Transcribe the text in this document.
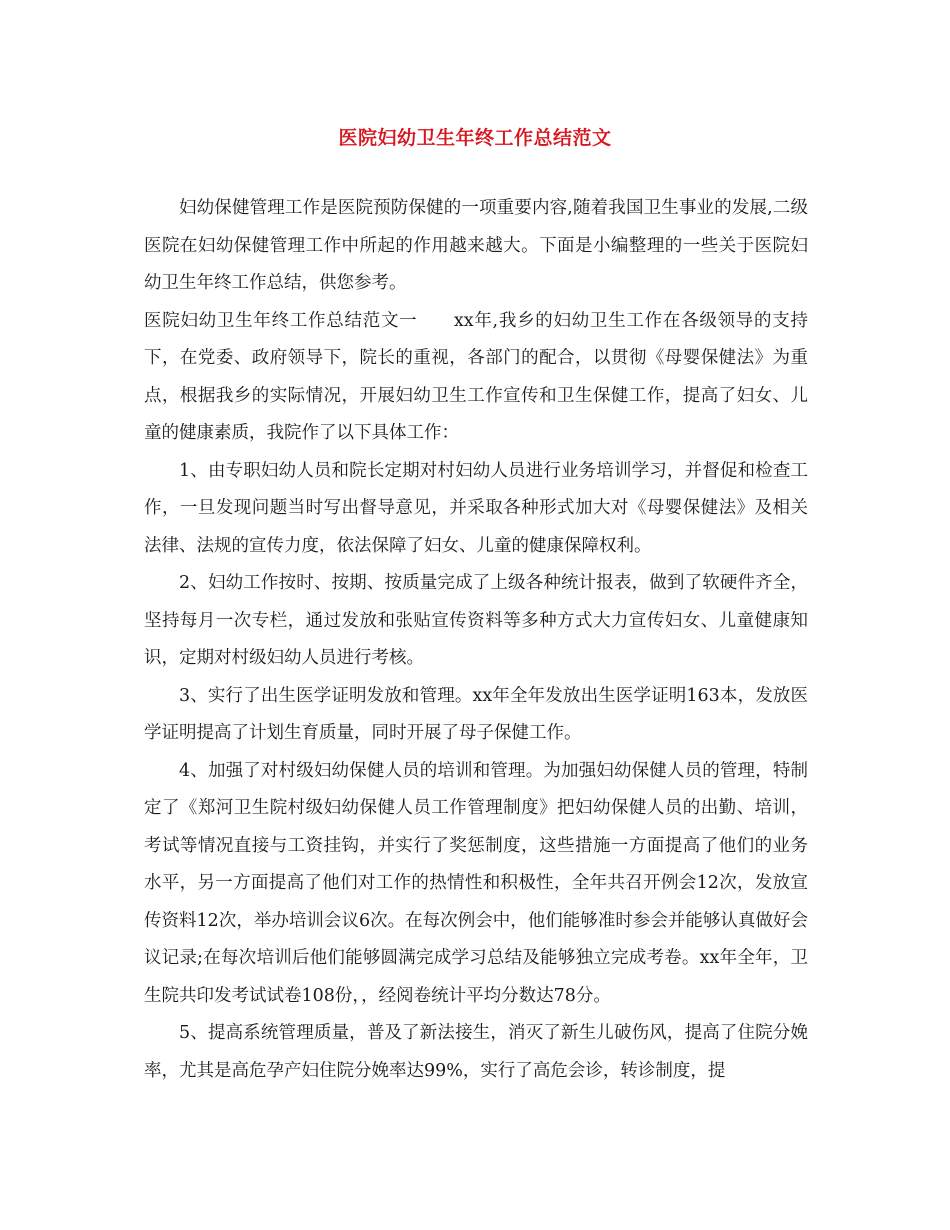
医院妇幼卫生年终工作总结范文

妇幼保健管理工作是医院预防保健的一项重要内容,随着我国卫生事业的发展,二级医院在妇幼保健管理工作中所起的作用越来越大。下面是小编整理的一些关于医院妇幼卫生年终工作总结，供您参考。

医院妇幼卫生年终工作总结范文一　　xx年,我乡的妇幼卫生工作在各级领导的支持下，在党委、政府领导下，院长的重视，各部门的配合，以贯彻《母婴保健法》为重点，根据我乡的实际情况，开展妇幼卫生工作宣传和卫生保健工作，提高了妇女、儿童的健康素质，我院作了以下具体工作：

1、由专职妇幼人员和院长定期对村妇幼人员进行业务培训学习，并督促和检查工作，一旦发现问题当时写出督导意见，并采取各种形式加大对《母婴保健法》及相关法律、法规的宣传力度，依法保障了妇女、儿童的健康保障权利。

2、妇幼工作按时、按期、按质量完成了上级各种统计报表，做到了软硬件齐全，坚持每月一次专栏，通过发放和张贴宣传资料等多种方式大力宣传妇女、儿童健康知识，定期对村级妇幼人员进行考核。

3、实行了出生医学证明发放和管理。xx年全年发放出生医学证明163本，发放医学证明提高了计划生育质量，同时开展了母子保健工作。

4、加强了对村级妇幼保健人员的培训和管理。为加强妇幼保健人员的管理，特制定了《郑河卫生院村级妇幼保健人员工作管理制度》把妇幼保健人员的出勤、培训，考试等情况直接与工资挂钩，并实行了奖惩制度，这些措施一方面提高了他们的业务水平，另一方面提高了他们对工作的热情性和积极性，全年共召开例会12次，发放宣传资料12次，举办培训会议6次。在每次例会中，他们能够准时参会并能够认真做好会议记录;在每次培训后他们能够圆满完成学习总结及能够独立完成考卷。xx年全年，卫生院共印发考试试卷108份，，经阅卷统计平均分数达78分。

5、提高系统管理质量，普及了新法接生，消灭了新生儿破伤风，提高了住院分娩率，尤其是高危孕产妇住院分娩率达99%，实行了高危会诊，转诊制度，提
